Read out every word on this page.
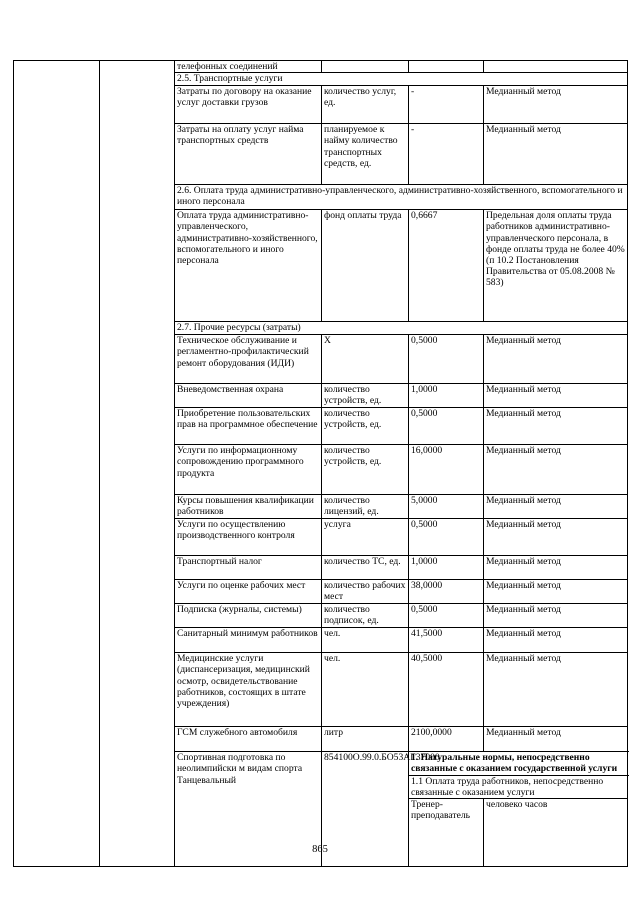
		телефонных соединений				
		2.5. Транспортные услуги				
		Затраты по договору на оказание услуг доставки грузов	количество услуг, ед.	-	Медианный метод	
		Затраты на оплату услуг найма транспортных средств	планируемое к найму количество транспортных средств, ед.	-	Медианный метод	
		2.6. Оплата труда административно-управленческого, административно-хозяйственного, вспомогательного и иного персонала				
		Оплата труда административно-управленческого, административно-хозяйственного, вспомогательного и иного персонала	фонд оплаты труда	0,6667	Предельная доля оплаты труда работников административно-управленческого персонала, в фонде оплаты труда не более 40% (п 10.2 Постановления Правительства от 05.08.2008 № 583)	
		2.7. Прочие ресурсы (затраты)				
		Техническое обслуживание и регламентно-профилактический ремонт оборудования (ИДИ)	X	0,5000	Медианный метод	
		Вневедомственная охрана	количество устройств, ед.	1,0000	Медианный метод	
		Приобретение пользовательских прав на программное обеспечение	количество устройств, ед.	0,5000	Медианный метод	
		Услуги по информационному сопровождению программного продукта	количество устройств, ед.	16,0000	Медианный метод	
		Курсы повышения квалификации работников	количество лицензий, ед.	5,0000	Медианный метод	
		Услуги по осуществлению производственного контроля	услуга	0,5000	Медианный метод	
		Транспортный налог	количество ТС, ед.	1,0000	Медианный метод	
		Услуги по оценке рабочих мест	количество рабочих мест	38,0000	Медианный метод	
		Подписка (журналы, системы)	количество подписок, ед.	0,5000	Медианный метод	
		Санитарный минимум работников	чел.	41,5000	Медианный метод	
		Медицинские услуги (диспансеризация, медицинский осмотр, освидетельствование работников, состоящих в штате учреждения)	чел.	40,5000	Медианный метод	
		ГСМ служебного автомобиля	литр	2100,0000	Медианный метод	
		Спортивная подготовка по неолимпийски м видам спорта Танцевальный	854100О.99.0.БО53АГ37000	1. Натуральные нормы, непосредственно связанные с оказанием государственной услуги		
				1.1 Оплата труда работников, непосредственно связанные с оказанием услуги		
				Тренер-преподаватель	человеко часов		
865
